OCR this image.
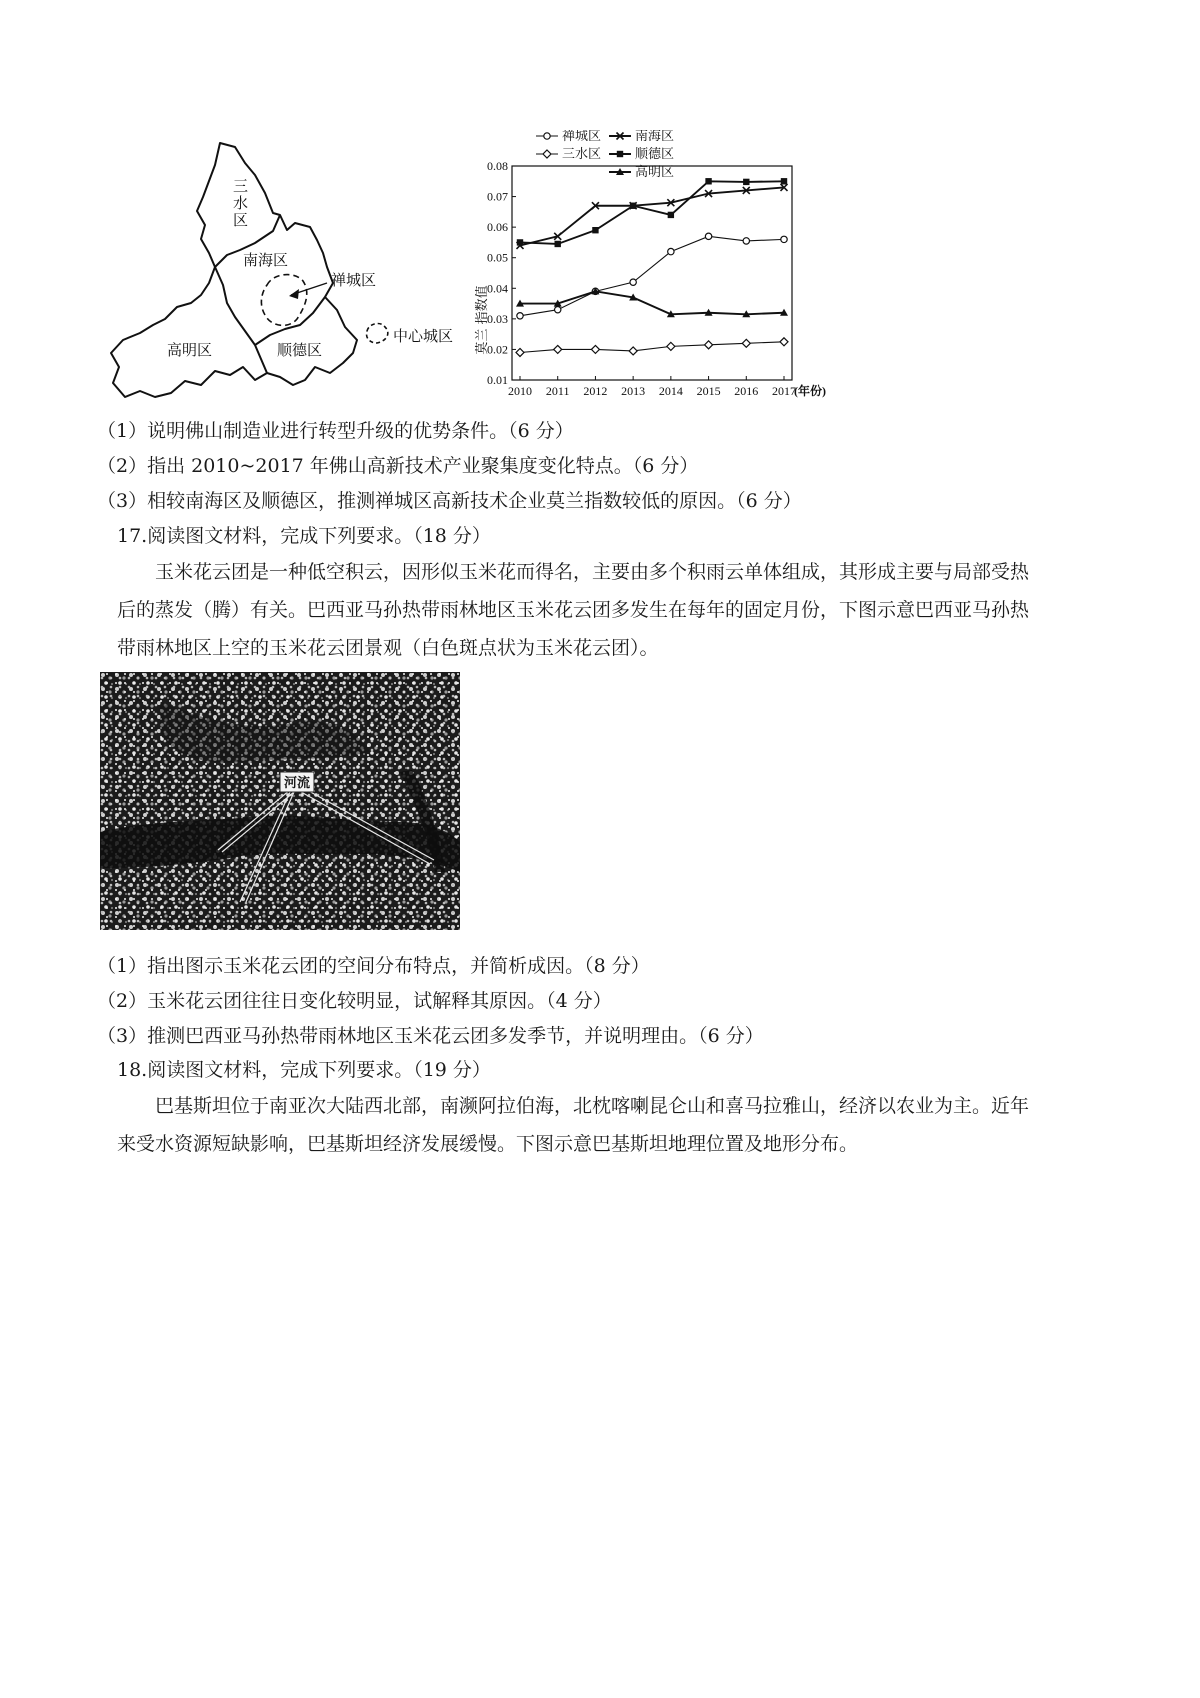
三 水 区
南海区
禅城区
高明区	顺德区
中心城区
0.01
0.02
0.03
0.04
0.05
0.06
0.07
0.08
2010 2011 2012 2013 2014 2015 2016 2017
(年份)
禅城区
三水区
南海区
顺德区
高明区
莫兰 指数值
（1）说明佛山制造业进行转型升级的优势条件。（6 分）
（2）指出 2010~2017 年佛山高新技术产业聚集度变化特点。（6 分）
（3）相较南海区及顺德区，推测禅城区高新技术企业莫兰指数较低的原因。（6 分）
17.阅读图文材料，完成下列要求。（18 分）
玉米花云团是一种低空积云，因形似玉米花而得名，主要由多个积雨云单体组成，其形成主要与局部受热后的蒸发（腾）有关。巴西亚马孙热带雨林地区玉米花云团多发生在每年的固定月份，下图示意巴西亚马孙热带雨林地区上空的玉米花云团景观（白色斑点状为玉米花云团）。
河流
（1）指出图示玉米花云团的空间分布特点，并简析成因。（8 分）
（2）玉米花云团往往日变化较明显，试解释其原因。（4 分）
（3）推测巴西亚马孙热带雨林地区玉米花云团多发季节，并说明理由。（6 分）
18.阅读图文材料，完成下列要求。（19 分）
巴基斯坦位于南亚次大陆西北部，南濒阿拉伯海，北枕喀喇昆仑山和喜马拉雅山，经济以农业为主。近年来受水资源短缺影响，巴基斯坦经济发展缓慢。下图示意巴基斯坦地理位置及地形分布。
